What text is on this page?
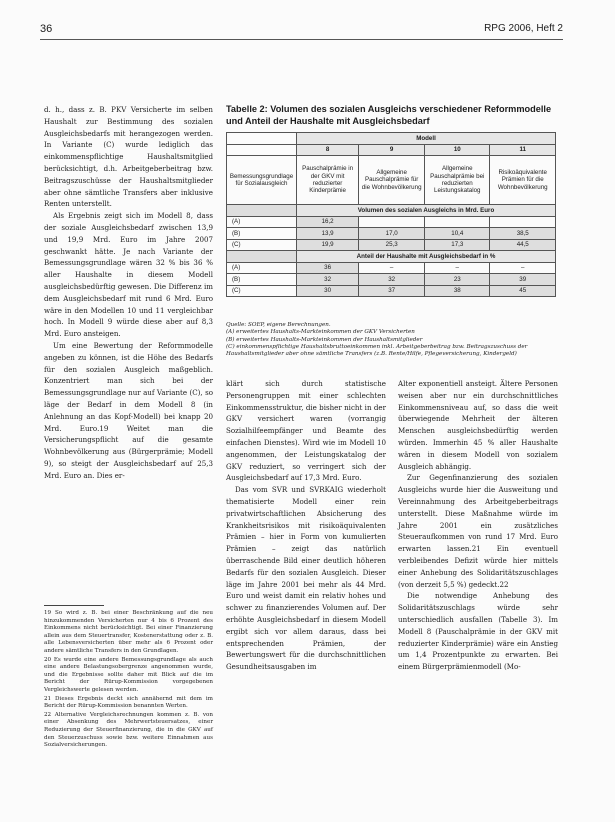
36	RPG 2006, Heft 2

d. h., dass z. B. PKV Versicherte im selben Haushalt zur Bestimmung des sozialen Ausgleichsbedarfs mit herangezogen werden. In Variante (C) wurde lediglich das einkommenspflichtige Haushaltsmitglied berücksichtigt, d.h. Arbeitgeberbeitrag bzw. Beitragszuschüsse der Haushaltsmitglieder aber ohne sämtliche Transfers aber inklusive Renten unterstellt.

Als Ergebnis zeigt sich im Modell 8, dass der soziale Ausgleichsbedarf zwischen 13,9 und 19,9 Mrd. Euro im Jahre 2007 geschwankt hätte. Je nach Variante der Bemessungsgrundlage wären 32 % bis 36 % aller Haushalte in diesem Modell ausgleichsbedürftig gewesen. Die Differenz im dem Ausgleichsbedarf mit rund 6 Mrd. Euro wäre in den Modellen 10 und 11 vergleichbar hoch. In Modell 9 würde diese aber auf 8,3 Mrd. Euro ansteigen.

Um eine Bewertung der Reformmodelle angeben zu können, ist die Höhe des Bedarfs für den sozialen Ausgleich maßgeblich. Konzentriert man sich bei der Bemessungsgrundlage nur auf Variante (C), so läge der Bedarf in dem Modell 8 (in Anlehnung an das Kopf-Modell) bei knapp 20 Mrd. Euro.19 Weitet man die Versicherungspflicht auf die gesamte Wohnbevölkerung aus (Bürgerprämie; Modell 9), so steigt der Ausgleichsbedarf auf 25,3 Mrd. Euro an. Dies er-

19 So wird z. B. bei einer Beschränkung auf die neu hinzukommenden Versicherten nur 4 bis 6 Prozent des Einkommens nicht berücksichtigt. Bei einer Finanzierung allein aus dem Steuertransfer, Kostenerstattung oder z. B. alle Lebensversicherten über mehr als 6 Prozent oder andere sämtliche Transfers in den Grundlagen.

20 Es wurde eine andere Bemessungsgrundlage als auch eine andere Belastungsobergrenze angenommen wurde, und die Ergebnisse sollte daher mit Blick auf die im Bericht der Rürup-Kommission vorgegebenen Vergleichswerte gelesen werden.

21 Dieses Ergebnis deckt sich annähernd mit dem im Bericht der Rürup-Kommission benannten Werten.

22 Alternative Vergleichsrechnungen kommen z. B. von einer Absenkung des Mehrwertsteuersatzes, einer Reduzierung der Steuerfinanzierung, die in die GKV auf den Steuerzuschuss sowie bzw. weitere Einnahmen aus Sozialversicherungen.

Tabelle 2: Volumen des sozialen Ausgleichs verschiedener Reformmodelle und Anteil der Haushalte mit Ausgleichsbedarf
	Modell			
	8	9	10	11
Bemessungsgrundlage für Sozialausgleich	Pauschalprämie in der GKV mit reduzierter Kinderprämie	Allgemeine Pauschalprämie für die Wohnbevölkerung	Allgemeine Pauschalprämie bei reduzierten Leistungskatalog	Risikoäquivalente Prämien für die Wohnbevölkerung
	Volumen des sozialen Ausgleichs in Mrd. Euro			
(A)	16,2			
(B)	13,9	17,0	10,4	38,5
(C)	19,9	25,3	17,3	44,5
	Anteil der Haushalte mit Ausgleichsbedarf in %			
(A)	36	–	–	–
(B)	32	32	23	39
(C)	30	37	38	45

Quelle: SOEP, eigene Berechnungen.

(A) erweitertes Haushalts-Markteinkommen der GKV Versicherten

(B) erweitertes Haushalts-Markteinkommen der Haushaltsmitglieder

(C) einkommenspflichtige Haushaltsbruttoeinkommen inkl. Arbeitgeberbeitrag bzw. Beitragszuschuss der Haushaltsmitglieder aber ohne sämtliche Transfers (z.B. Rente/Hilfe, Pflegeversicherung, Kindergeld)

klärt sich durch statistische Personengruppen mit einer schlechten Einkommensstruktur, die bisher nicht in der GKV versichert waren (vorrangig Sozialhilfeempfänger und Beamte des einfachen Dienstes). Wird wie im Modell 10 angenommen, der Leistungskatalog der GKV reduziert, so verringert sich der Ausgleichsbedarf auf 17,3 Mrd. Euro.

Das vom SVR und SVRKAIG wiederholt thematisierte Modell einer rein privatwirtschaftlichen Absicherung des Krankheitsrisikos mit risikoäquivalenten Prämien – hier in Form von kumulierten Prämien – zeigt das natürlich überraschende Bild einer deutlich höheren Bedarfs für den sozialen Ausgleich. Dieser läge im Jahre 2001 bei mehr als 44 Mrd. Euro und weist damit ein relativ hohes und schwer zu finanzierendes Volumen auf. Der erhöhte Ausgleichsbedarf in diesem Modell ergibt sich vor allem daraus, dass bei entsprechenden Prämien, der Bewertungswert für die durchschnittlichen Gesundheitsausgaben im

Alter exponentiell ansteigt. Ältere Personen weisen aber nur ein durchschnittliches Einkommensniveau auf, so dass die weit überwiegende Mehrheit der älteren Menschen ausgleichsbedürftig werden würden. Immerhin 45 % aller Haushalte wären in diesem Modell von sozialem Ausgleich abhängig.

Zur Gegenfinanzierung des sozialen Ausgleichs wurde hier die Ausweitung und Vereinnahmung des Arbeitgeberbeitrags unterstellt. Diese Maßnahme würde im Jahre 2001 ein zusätzliches Steueraufkommen von rund 17 Mrd. Euro erwarten lassen.21 Ein eventuell verbleibendes Defizit würde hier mittels einer Anhebung des Solidaritätszuschlages (von derzeit 5,5 %) gedeckt.22

Die notwendige Anhebung des Solidaritätszuschlags würde sehr unterschiedlich ausfallen (Tabelle 3). Im Modell 8 (Pauschalprämie in der GKV mit reduzierter Kinderprämie) wäre ein Anstieg um 1,4 Prozentpunkte zu erwarten. Bei einem Bürgerprämienmodell (Mo-
